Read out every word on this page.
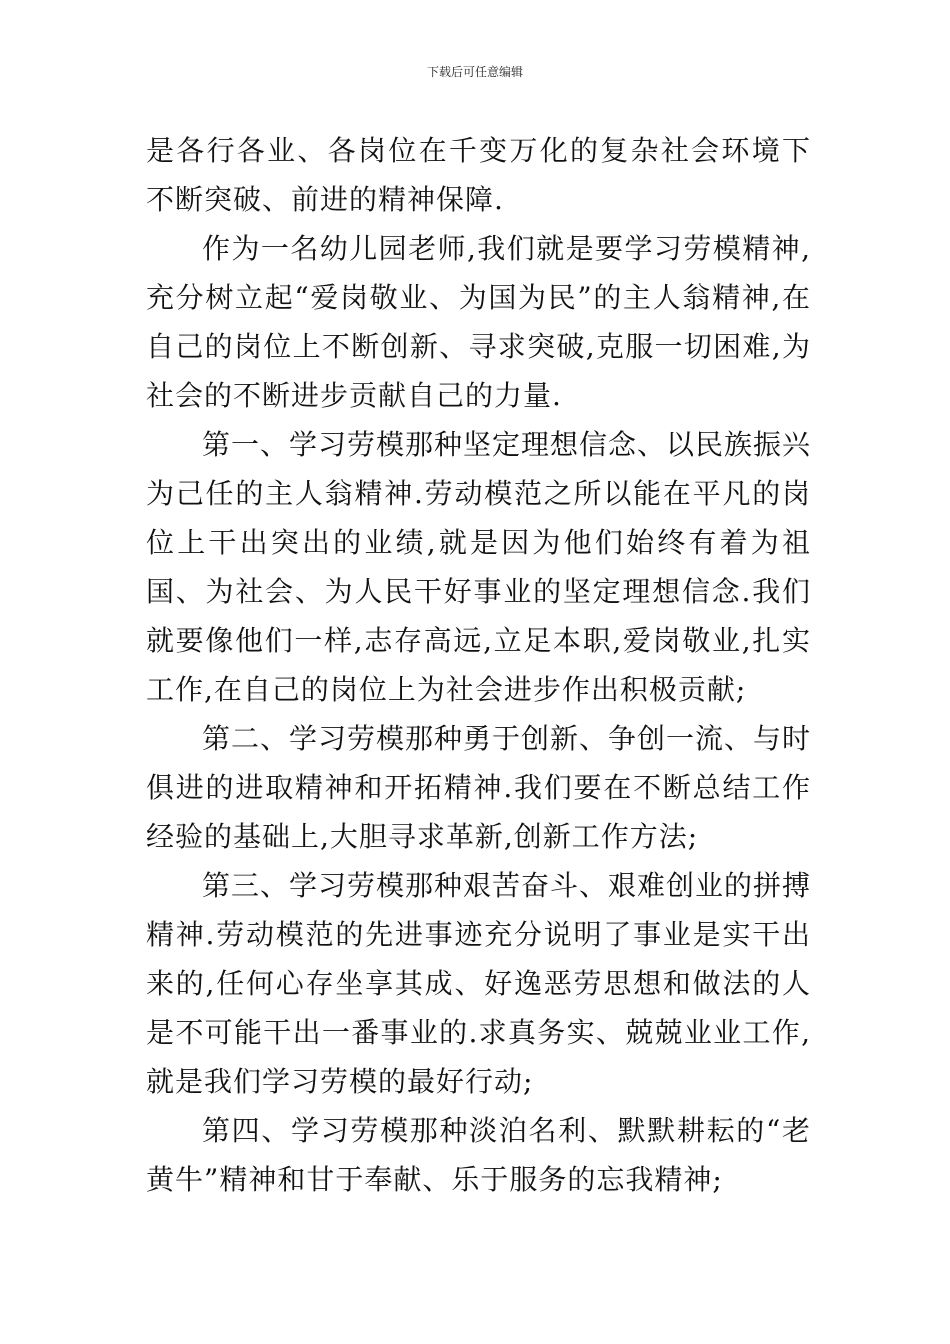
下载后可任意编辑

是各行各业、各岗位在千变万化的复杂社会环境下不断突破、前进的精神保障.

作为一名幼儿园老师,我们就是要学习劳模精神,充分树立起“爱岗敬业、为国为民”的主人翁精神,在自己的岗位上不断创新、寻求突破,克服一切困难,为社会的不断进步贡献自己的力量.

第一、学习劳模那种坚定理想信念、以民族振兴为己任的主人翁精神.劳动模范之所以能在平凡的岗位上干出突出的业绩,就是因为他们始终有着为祖国、为社会、为人民干好事业的坚定理想信念.我们就要像他们一样,志存高远,立足本职,爱岗敬业,扎实工作,在自己的岗位上为社会进步作出积极贡献;

第二、学习劳模那种勇于创新、争创一流、与时俱进的进取精神和开拓精神.我们要在不断总结工作经验的基础上,大胆寻求革新,创新工作方法;

第三、学习劳模那种艰苦奋斗、艰难创业的拼搏精神.劳动模范的先进事迹充分说明了事业是实干出来的,任何心存坐享其成、好逸恶劳思想和做法的人是不可能干出一番事业的.求真务实、兢兢业业工作,就是我们学习劳模的最好行动;

第四、学习劳模那种淡泊名利、默默耕耘的“老黄牛”精神和甘于奉献、乐于服务的忘我精神;
